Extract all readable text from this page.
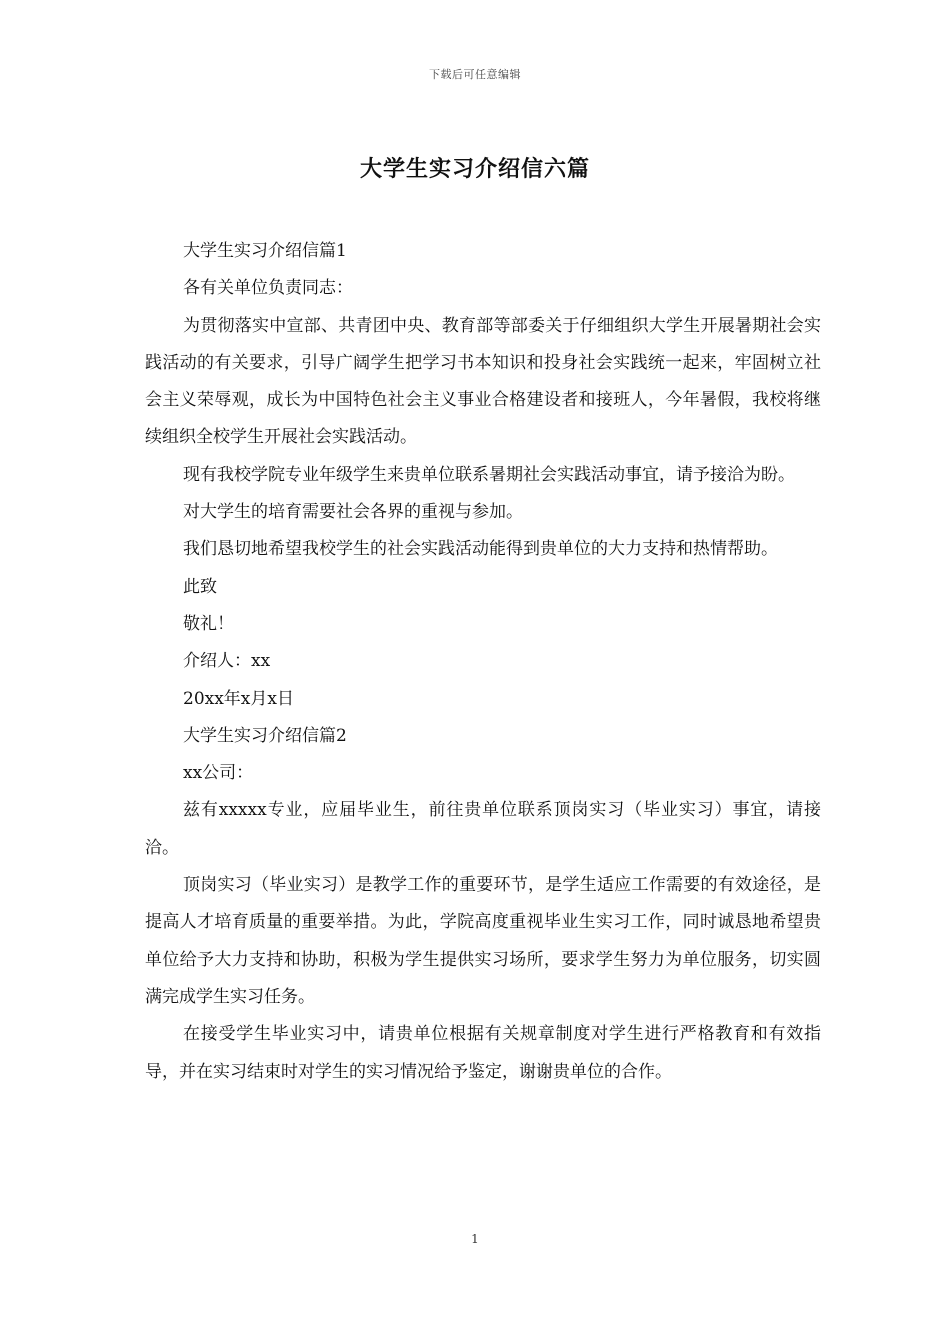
下载后可任意编辑
大学生实习介绍信六篇

大学生实习介绍信篇1

各有关单位负责同志：

为贯彻落实中宣部、共青团中央、教育部等部委关于仔细组织大学生开展暑期社会实践活动的有关要求，引导广阔学生把学习书本知识和投身社会实践统一起来，牢固树立社会主义荣辱观，成长为中国特色社会主义事业合格建设者和接班人，今年暑假，我校将继续组织全校学生开展社会实践活动。

现有我校学院专业年级学生来贵单位联系暑期社会实践活动事宜，请予接洽为盼。

对大学生的培育需要社会各界的重视与参加。

我们恳切地希望我校学生的社会实践活动能得到贵单位的大力支持和热情帮助。

此致

敬礼！

介绍人：xx

20xx年x月x日

大学生实习介绍信篇2

xx公司：

兹有xxxxx专业，应届毕业生，前往贵单位联系顶岗实习（毕业实习）事宜，请接洽。

顶岗实习（毕业实习）是教学工作的重要环节，是学生适应工作需要的有效途径，是提高人才培育质量的重要举措。为此，学院高度重视毕业生实习工作，同时诚恳地希望贵单位给予大力支持和协助，积极为学生提供实习场所，要求学生努力为单位服务，切实圆满完成学生实习任务。

在接受学生毕业实习中，请贵单位根据有关规章制度对学生进行严格教育和有效指导，并在实习结束时对学生的实习情况给予鉴定，谢谢贵单位的合作。

1
